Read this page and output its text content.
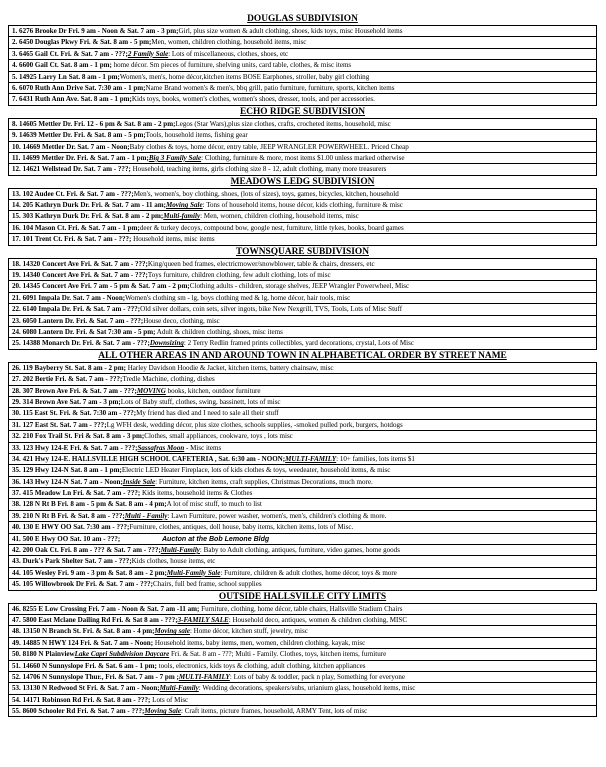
DOUGLAS SUBDIVISION
1. 6276 Brooke Dr Fri. 9 am - Noon & Sat. 7 am - 3 pm;Girl, plus size women & adult clothing, shoes, kids toys, misc Household items
2. 6450 Douglas Pkwy Fri. & Sat. 8 am - 5 pm;Men, women, children clothing, household items, misc
3. 6465 Gail Ct. Fri. & Sat. 7 am - ???;2 Family Sale: Lots of miscellaneous, clothes, shoes, etc
4. 6600 Gail Ct. Sat. 8 am - 1 pm; home décor. Sm pieces of furniture, shelving units, card table, clothes, & misc items
5. 14925 Larry Ln Sat. 8 am - 1 pm;Women's, men's, home décor,kitchen items BOSE Earphones, stroller, baby girl clothing
6. 6070 Ruth Ann Drive Sat. 7:30 am - 1 pm;Name Brand women's & men's, bbq grill, patio furniture, furniture, sports, kitchen items
7. 6431 Ruth Ann Ave. Sat. 8 am - 1 pm;Kids toys, books, women's clothes, women's shoes, dresser, tools, and per accessories.
ECHO RIDGE SUBDIVISION
8. 14605 Mettler Dr. Fri. 12 - 6 pm & Sat. 8 am - 2 pm;Legos (Star Wars),plus size clothes, crafts, crocheted items, household, misc
9. 14639 Mettler Dr. Fri. & Sat. 8 am - 5 pm;Tools, household items, fishing gear
10. 14669 Mettler Dr. Sat. 7 am - Noon;Baby clothes & toys, home décor, entry table, JEEP WRANGLER POWERWHEEL. Priced Cheap
11. 14699 Mettler Dr. Fri. & Sat. 7 am - 1 pm;Big 3 Family Sale: Clothing, furniture & more, most items $1.00 unless marked otherwise
12. 14621 Wellstead Dr. Sat. 7 am - ???; Household, teaching items, girls clothing size 8 - 12, adult clothing, many more treasurers
MEADOWS LEDG SUBDIVISION
13. 102 Audee Ct. Fri. & Sat. 7 am - ???;Men's, women's, boy clothing, shoes, (lots of sizes), toys, games, bicycles, kitchen, household
14. 205 Kathryn Durk Dr. Fri. & Sat. 7 am - 11 am;Moving Sale: Tons of household items, house décor, kids clothing, furniture & misc
15. 303 Kathryn Durk Dr. Fri. & Sat. 8 am - 2 pm;Multi-family: Men, women, children clothing, household items, misc
16. 104 Mason Ct. Fri. & Sat. 7 am - 1 pm;deer & turkey decoys, compound bow, google nest, furniture, little tykes, books, board games
17. 101 Trent Ct. Fri. & Sat. 7 am - ???; Household items, misc items
TOWNSQUARE SUBDIVISION
18. 14320 Concert Ave Fri. & Sat. 7 am - ???;King/queen bed frames, electricmower/snowblower, table & chairs, dressers, etc
19. 14340 Concert Ave Fri. & Sat. 7 am - ???;Toys furniture, children clothing, few adult clothing, lots of misc
20. 14345 Concert Ave Fri. 7 am - 5 pm & Sat. 7 am - 2 pm;Clothing adults - children, storage shelves, JEEP Wrangler Powerwheel, Misc
21. 6091 Impala Dr. Sat. 7 am - Noon;Women's clothing sm - lg, boys clothing med & lg, home décor, hair tools, misc
22. 6140 Impala Dr. Fri. & Sat. 7 am - ???;Old silver dollars, coin sets, silver ingots, bike New Nexgrill, TVS, Tools, Lots of Misc Stuff
23. 6050 Lantern Dr. Fri. & Sat. 7 am - ???;House deco, clothing, misc
24. 6080 Lantern Dr. Fri. & Sat 7:30 am - 5 pm; Adult & children clothing, shoes, misc items
25. 14388 Monarch Dr. Fri. & Sat. 7 am - ???;Downsizing: 2 Terry Redlin framed prints collectibles, yard decorations, crystal, Lots of Misc
ALL OTHER AREAS IN AND AROUND TOWN IN ALPHABETICAL ORDER BY STREET NAME
26. 119 Bayberry St. Sat. 8 am - 2 pm; Harley Davidson Hoodie & Jacket, kitchen items, battery chainsaw, misc
27. 202 Bertie Fri. & Sat. 7 am - ???;Tredle Machine, clothing, dishes
28. 307 Brown Ave Fri. & Sat. 7 am - ???;MOVING books, kitchen, outdoor furniture
29. 314 Brown Ave Sat. 7 am - 3 pm;Lots of Baby stuff, clothes, swing, bassinett, lots of misc
30. 115 East St. Fri. & Sat. 7:30 am - ???;My friend has died and I need to sale all their stuff
31. 127 East St. Sat. 7 am - ???;Lg WFH desk, wedding décor, plus size clothes, schools supplies, -smoked pulled pork, burgers, hotdogs
32. 210 Fox Trail St. Fri & Sat. 8 am - 3 pm;Clothes, small appliances, cookware, toys , lots misc
33. 123 Hwy 124-E Fri. & Sat. 7 am - ???;Sassafras Moon - Misc items
34. 421 Hwy 124-E. HALLSVILLE HIGH SCHOOL CAFETERIA , Sat. 6:30 am - NOON;MULTI-FAMILY: 10+ families, lots items $1
35. 129 Hwy 124-N Sat. 8 am - 1 pm;Electric LED Heater Fireplace, lots of kids clothes & toys, weedeater, household items, & misc
36. 143 Hwy 124-N Sat. 7 am - Noon;Inside Sale: Furniture, kitchen items, craft supplies, Christmas Decorations, much more.
37. 415 Meadow Ln Fri. & Sat. 7 am - ???; Kids items, household items & Clothes
38. 128 N Rt B Fri. 8 am - 5 pm & Sat. 8 am - 4 pm;A lot of misc stuff, to much to list
39. 210 N Rt B Fri. & Sat. 8 am - ???;Multi - Family: Lawn Furniture, power washer, women's, men's, children's clothing & more.
40. 130 E HWY OO Sat. 7:30 am - ???;Furniture, clothes, antiques, doll house, baby items, kitchen items, lots of Misc.
41. 500 E Hwy OO Sat. 10 am - ???;	Aucton at the Bob Lemone Bldg
42. 200 Oak Ct. Fri. 8 am - ??? & Sat. 7 am - ???;Multi-Family: Baby to Adult clothing, antiques, furniture, video games, home goods
43. Durk's Park Shelter Sat. 7 am - ???;Kids clothes, house items, etc
44. 105 Wesley Fri. 9 am - 3 pm & Sat. 8 am - 2 pm;Multi-Family Sale: Furniture, children & adult clothes, home décor, toys & more
45. 105 Willowbrook Dr Fri. & Sat. 7 am - ???;Chairs, full bed frame, school supplies
OUTSIDE HALLSVILLE CITY LIMITS
46. 8255 E Low Crossing Fri. 7 am - Noon & Sat. 7 am -11 am; Furniture, clothing, home décor, table chairs, Hallsville Stadium Chairs
47. 5800 East Mclane Dailing Rd Fri. & Sat 8 am - ???;3-FAMILY SALE: Household deco, antiques, women & children clothing, MISC
48. 13150 N Branch St. Fri. & Sat. 8 am - 4 pm;Moving sale: Home décor, kitchen stuff, jewelry, misc
49. 14885 N HWY 124 Fri. & Sat. 7 am - Noon; Household items, baby items, men, women, children clothing, kayak, misc
50. 8180 N PlainviewLake Capri Subdivision Daycare Fri. & Sat. 8 am - ???; Multi - Family. Clothes, toys, kitchen items, furniture
51. 14660 N Sunnyslope Fri. & Sat. 6 am - 1 pm; tools, electronics, kids toys & clothing, adult clothing, kitchen appliances
52. 14706 N Sunnyslope Thur., Fri. & Sat. 7 am - 7 pm ;MULTI-FAMILY: Lots of baby & toddler, pack n play, Something for everyone
53. 13130 N Redwood St Fri. & Sat. 7 am - Noon;Multi-Family: Wedding decorations, speakers/subs, urianium glass, household items, misc
54. 14171 Robinson Rd Fri. & Sat. 8 am - ???; Lots of Misc
55. 8600 Schooler Rd Fri. & Sat. 7 am - ???;Moving Sale: Craft items, picture frames, household, ARMY Tent, lots of misc
